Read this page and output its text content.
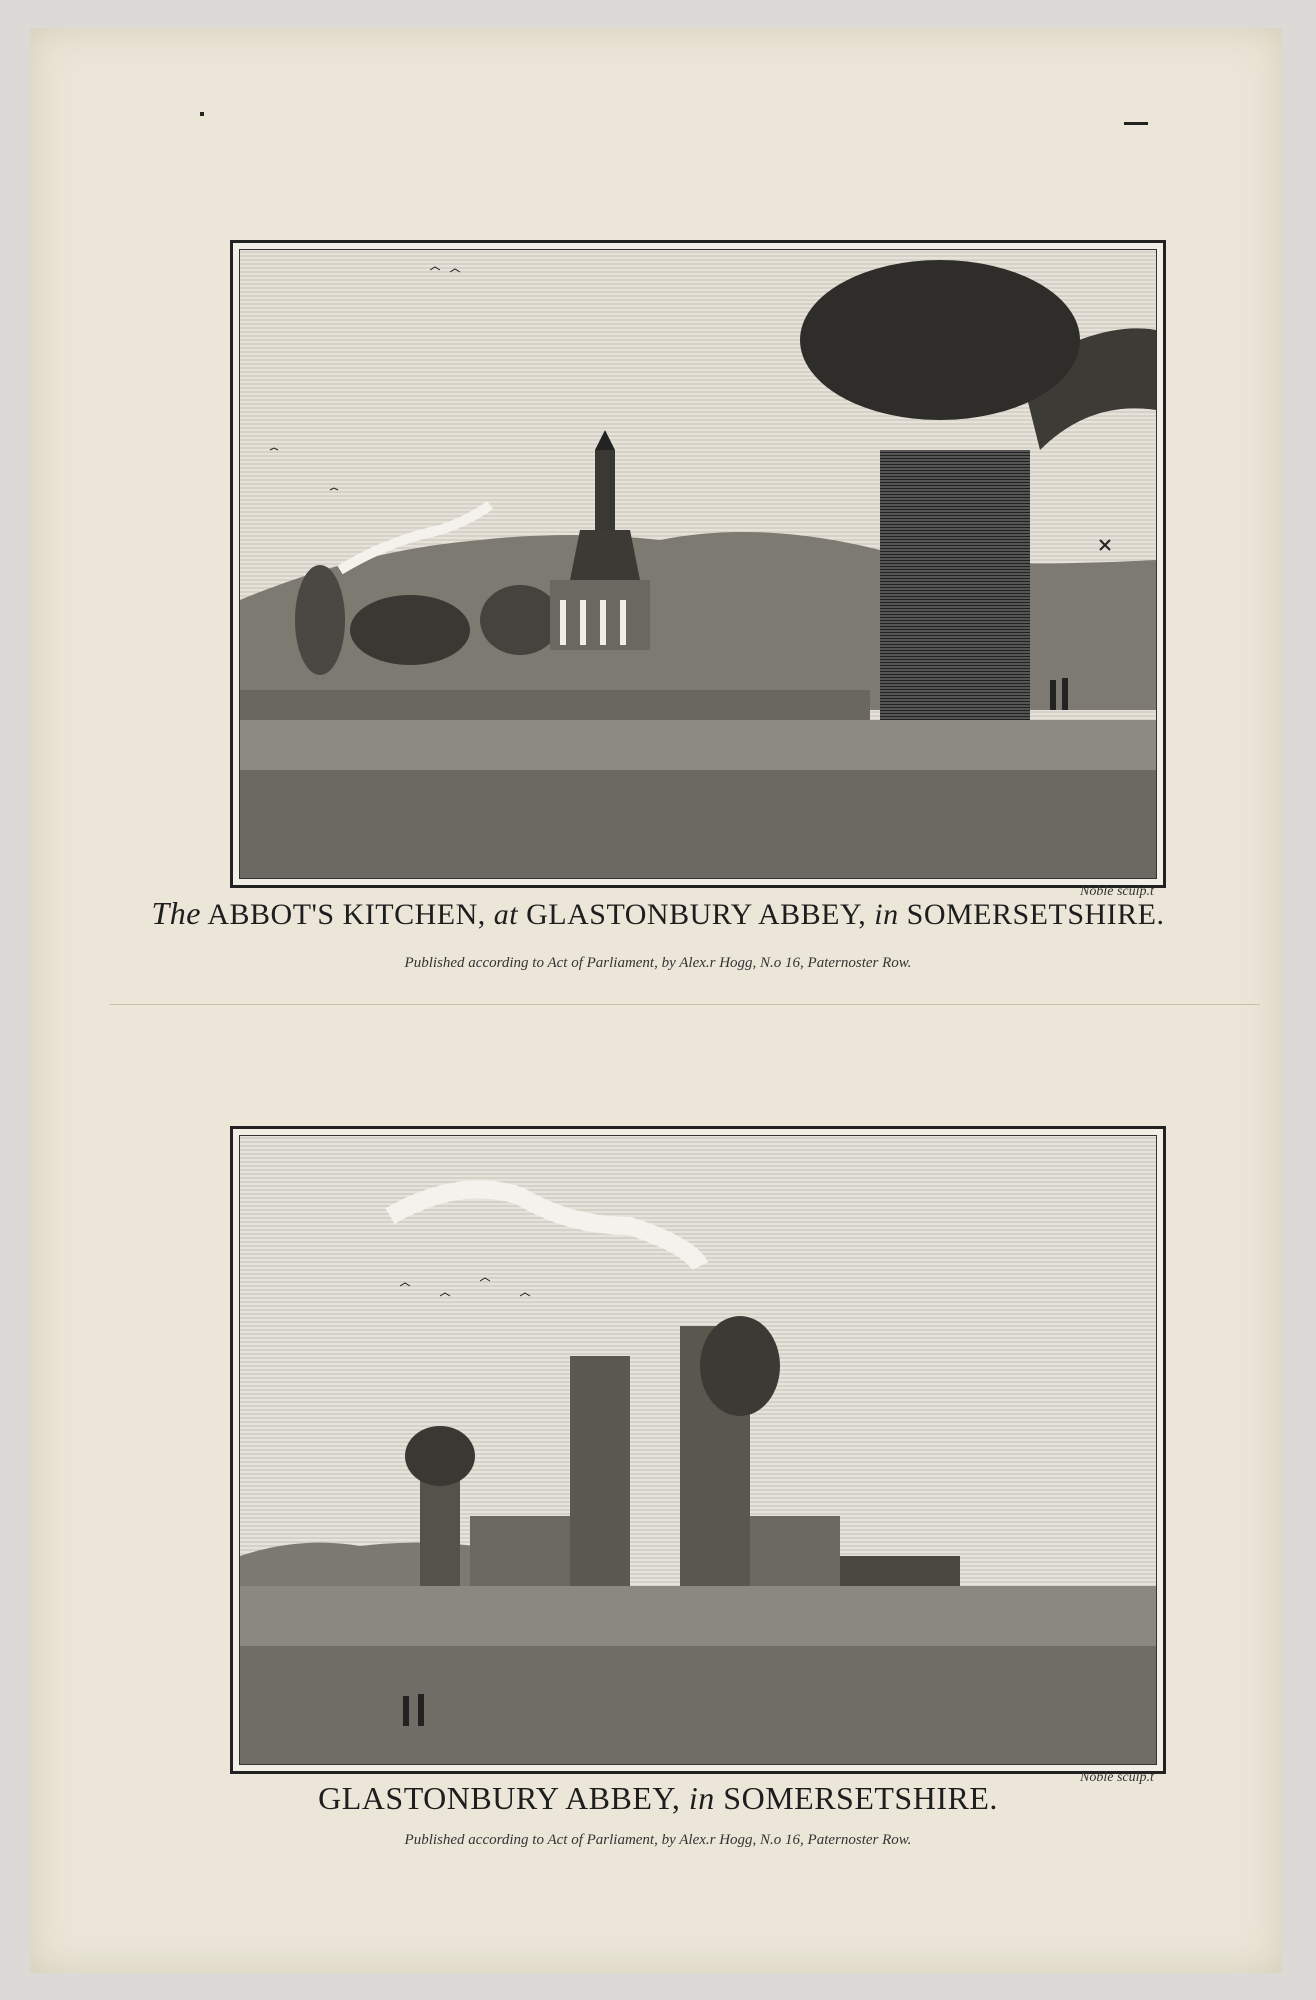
Noble sculp.t
The ABBOT'S KITCHEN, at GLASTONBURY ABBEY, in SOMERSETSHIRE.
Published according to Act of Parliament, by Alex.r Hogg, N.o 16, Paternoster Row.
Noble sculp.t
GLASTONBURY ABBEY, in SOMERSETSHIRE.
Published according to Act of Parliament, by Alex.r Hogg, N.o 16, Paternoster Row.
